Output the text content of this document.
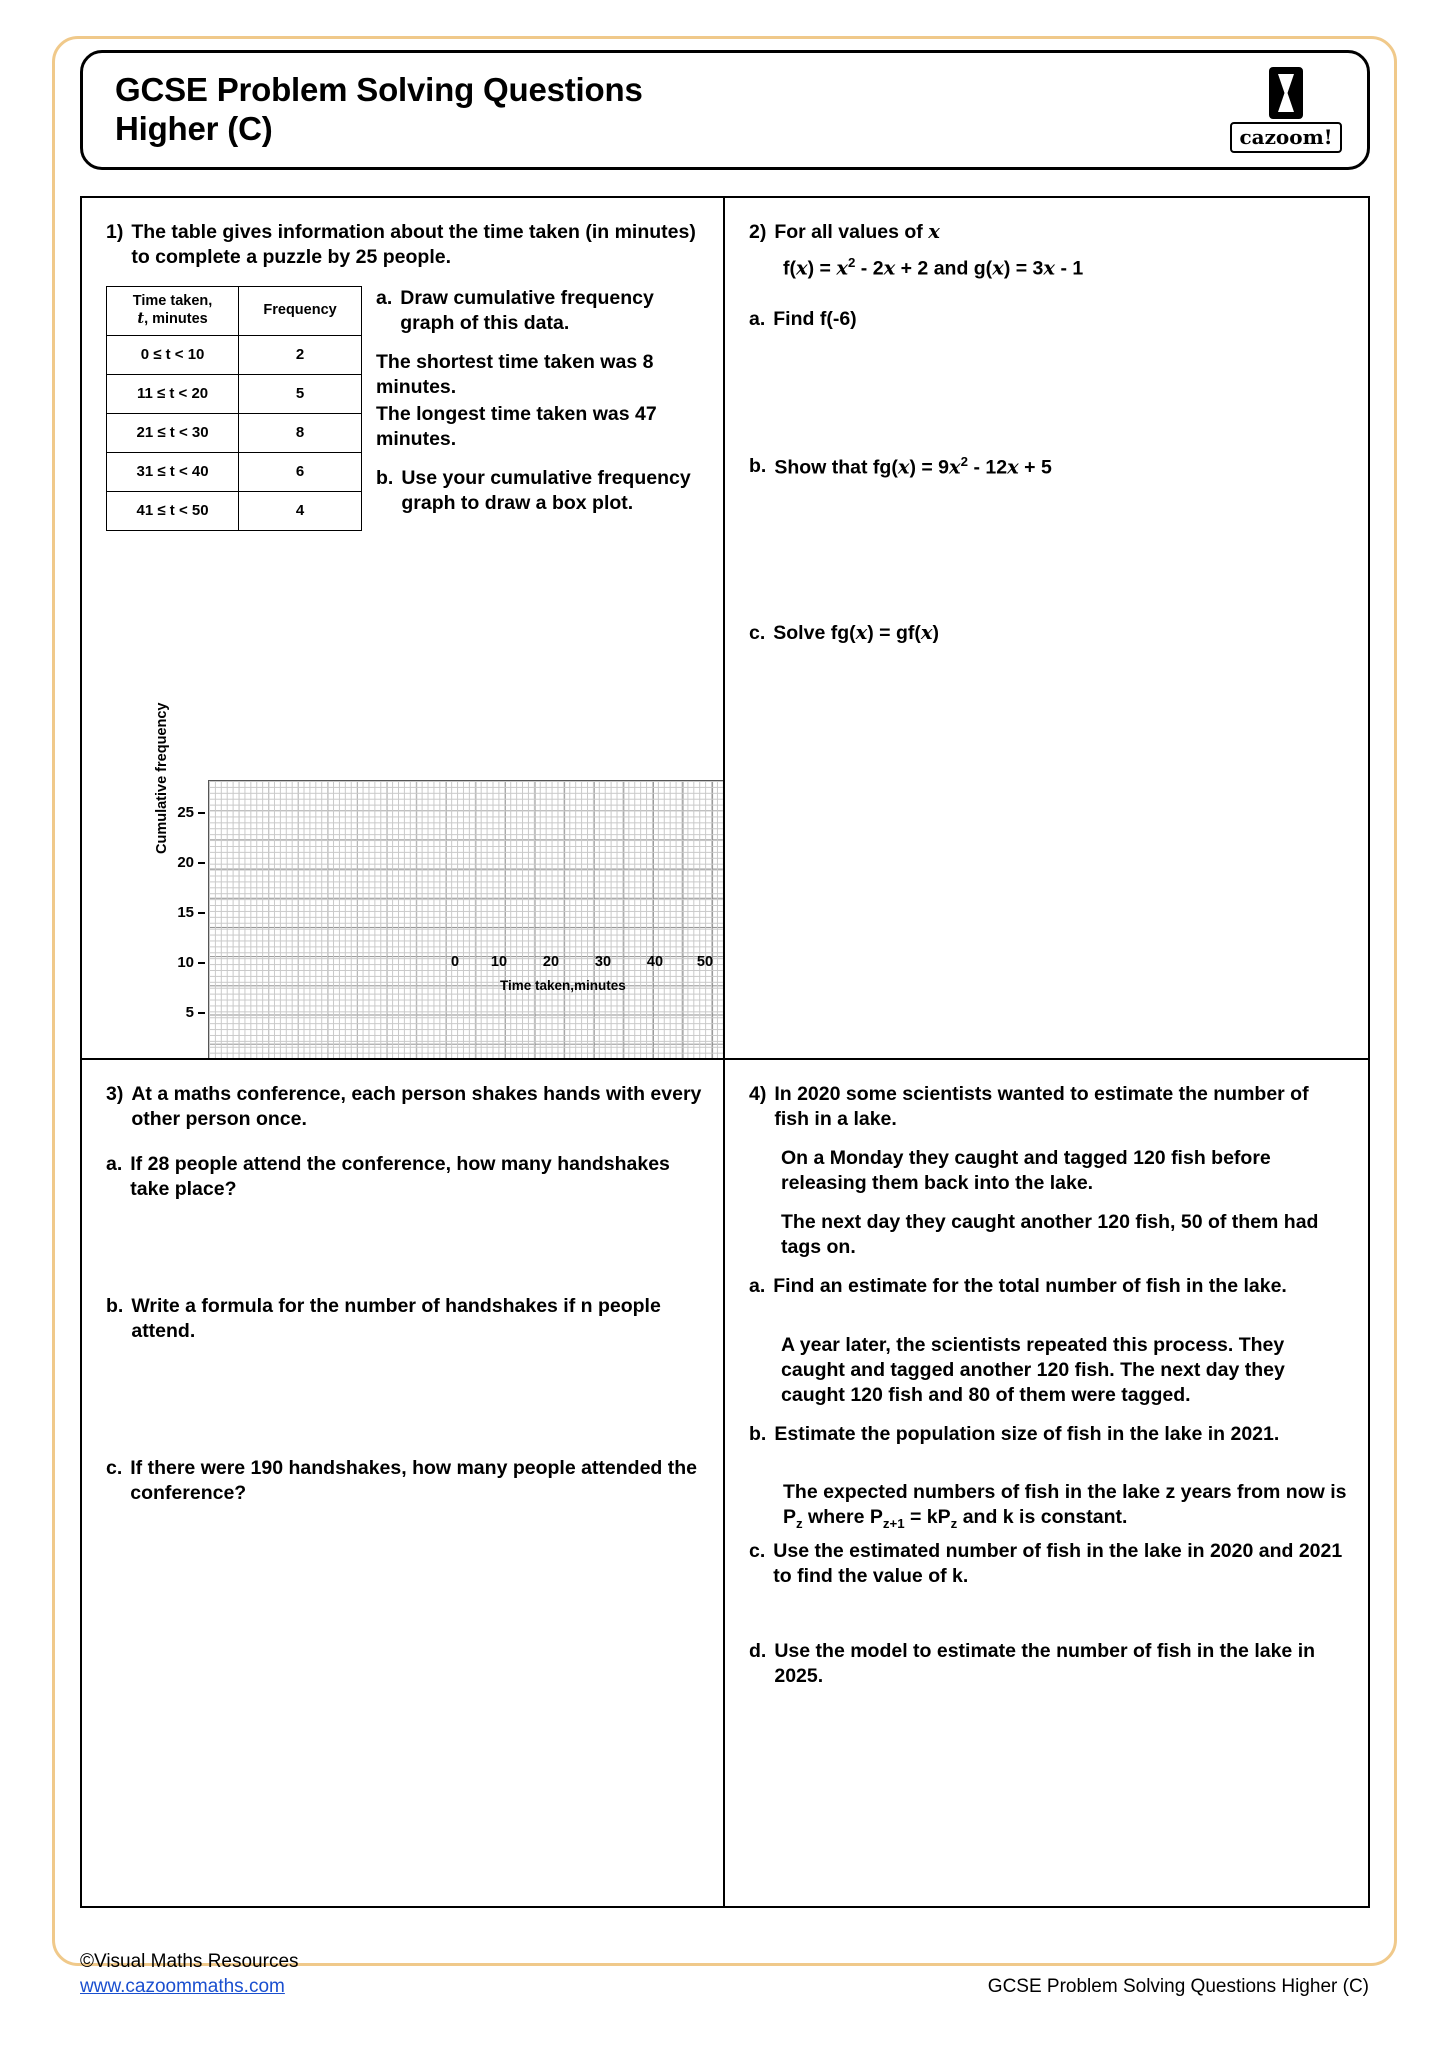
GCSE Problem Solving Questions
Higher (C)	cazoom!
1) The table gives information about the time taken (in minutes) to complete a puzzle by 25 people.
Time taken,
t, minutes	Frequency
0 ≤ t < 10	2
11 ≤ t < 20	5
21 ≤ t < 30	8
31 ≤ t < 40	6
41 ≤ t < 50	4
a. Draw cumulative frequency graph of this data.
The shortest time taken was 8 minutes.
The longest time taken was 47 minutes.
b. Use your cumulative frequency graph to draw a box plot.
Cumulative frequency 25
20
15
10
5
0	10	20	30	40	50
Time taken,minutes
2) For all values of x
$f(x) = x^2 - 2x + 2$ and g(x) = 3x - 1
a. Find f(-6)
b. Show that $fg(x) = 9x^2 - 12x + 5$
c. Solve fg(x) = gf(x)
3) At a maths conference, each person shakes hands with every other person once.
a. If 28 people attend the conference, how many handshakes take place?
b. Write a formula for the number of handshakes if n people attend.
c. If there were 190 handshakes, how many people attended the conference?
4) In 2020 some scientists wanted to estimate the number of fish in a lake.
On a Monday they caught and tagged 120 fish before releasing them back into the lake.
The next day they caught another 120 fish, 50 of them had tags on.
a. Find an estimate for the total number of fish in the lake.
A year later, the scientists repeated this process. They caught and tagged another 120 fish. The next day they caught 120 fish and 80 of them were tagged.
b. Estimate the population size of fish in the lake in 2021.
The expected numbers of fish in the lake z years from now is $P_z$ where $P_{z+1} = kP_z$ and k is constant.
c. Use the estimated number of fish in the lake in 2020 and 2021 to find the value of k.
d. Use the model to estimate the number of fish in the lake in 2025.
©Visual Maths Resources
www.cazoommaths.com	GCSE Problem Solving Questions Higher (C)
